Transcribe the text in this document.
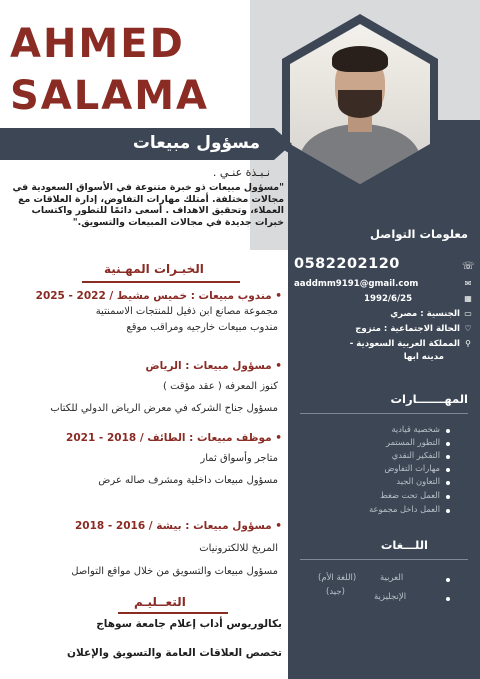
AHMED
SALAMA
مسؤول مبيعات
نـبـذة عنـي .
"مسؤول مبيعات ذو خبرة متنوعة في الأسواق السعودية في مجالات مختلفة. أمتلك مهارات التفاوض، إدارة العلاقات مع العملاء، وتحقيق الاهداف . أسعى دائمًا للتطور واكتساب خبرات جديدة في مجالات المبيعات والتسويق."
الخبـرات المهـنية
• مندوب مبيعات : خميس مشيط / 2022 - 2025
مجموعة مصانع ابن ذفيل للمنتجات الاسمنتية
مندوب مبيعات خارجيه ومراقب موقع
• مسؤول مبيعات : الرياض
كنوز المعرفه ( عقد مؤقت )
مسؤول جناح الشركه في معرض الرياض الدولي للكتاب
• موظف مبيعات : الطائف / 2018 - 2021
متاجر وأسواق ثمار
مسؤول مبيعات داخلية ومشرف صاله عرض
• مسؤول مبيعات : بيشة / 2016 - 2018
المريخ للالكترونيات
مسؤول مبيعات والتسويق من خلال مواقع التواصل
التعــليـم
بكالوريوس أداب إعلام جامعة سوهاج
تخصص العلاقات العامة والتسويق والإعلان
معلومات التواصل
0582202120	☏
aaddmm9191@gmail.com	✉
1992/6/25	▦
الجنسية : مصري ▭
الحالة الاجتماعية : متزوج ♡
المملكة العربية السعودية - ⚲
مدينه ابها
المهـــــــارات
شخصية قيادية
التطور المستمر
التفكير النقدي
مهارات التفاوض
التعاون الجيد
العمل تحت ضغط
العمل داخل مجموعة
اللـــغات
العربية
(اللغة الأم)
الإنجليزية
(جيد)
